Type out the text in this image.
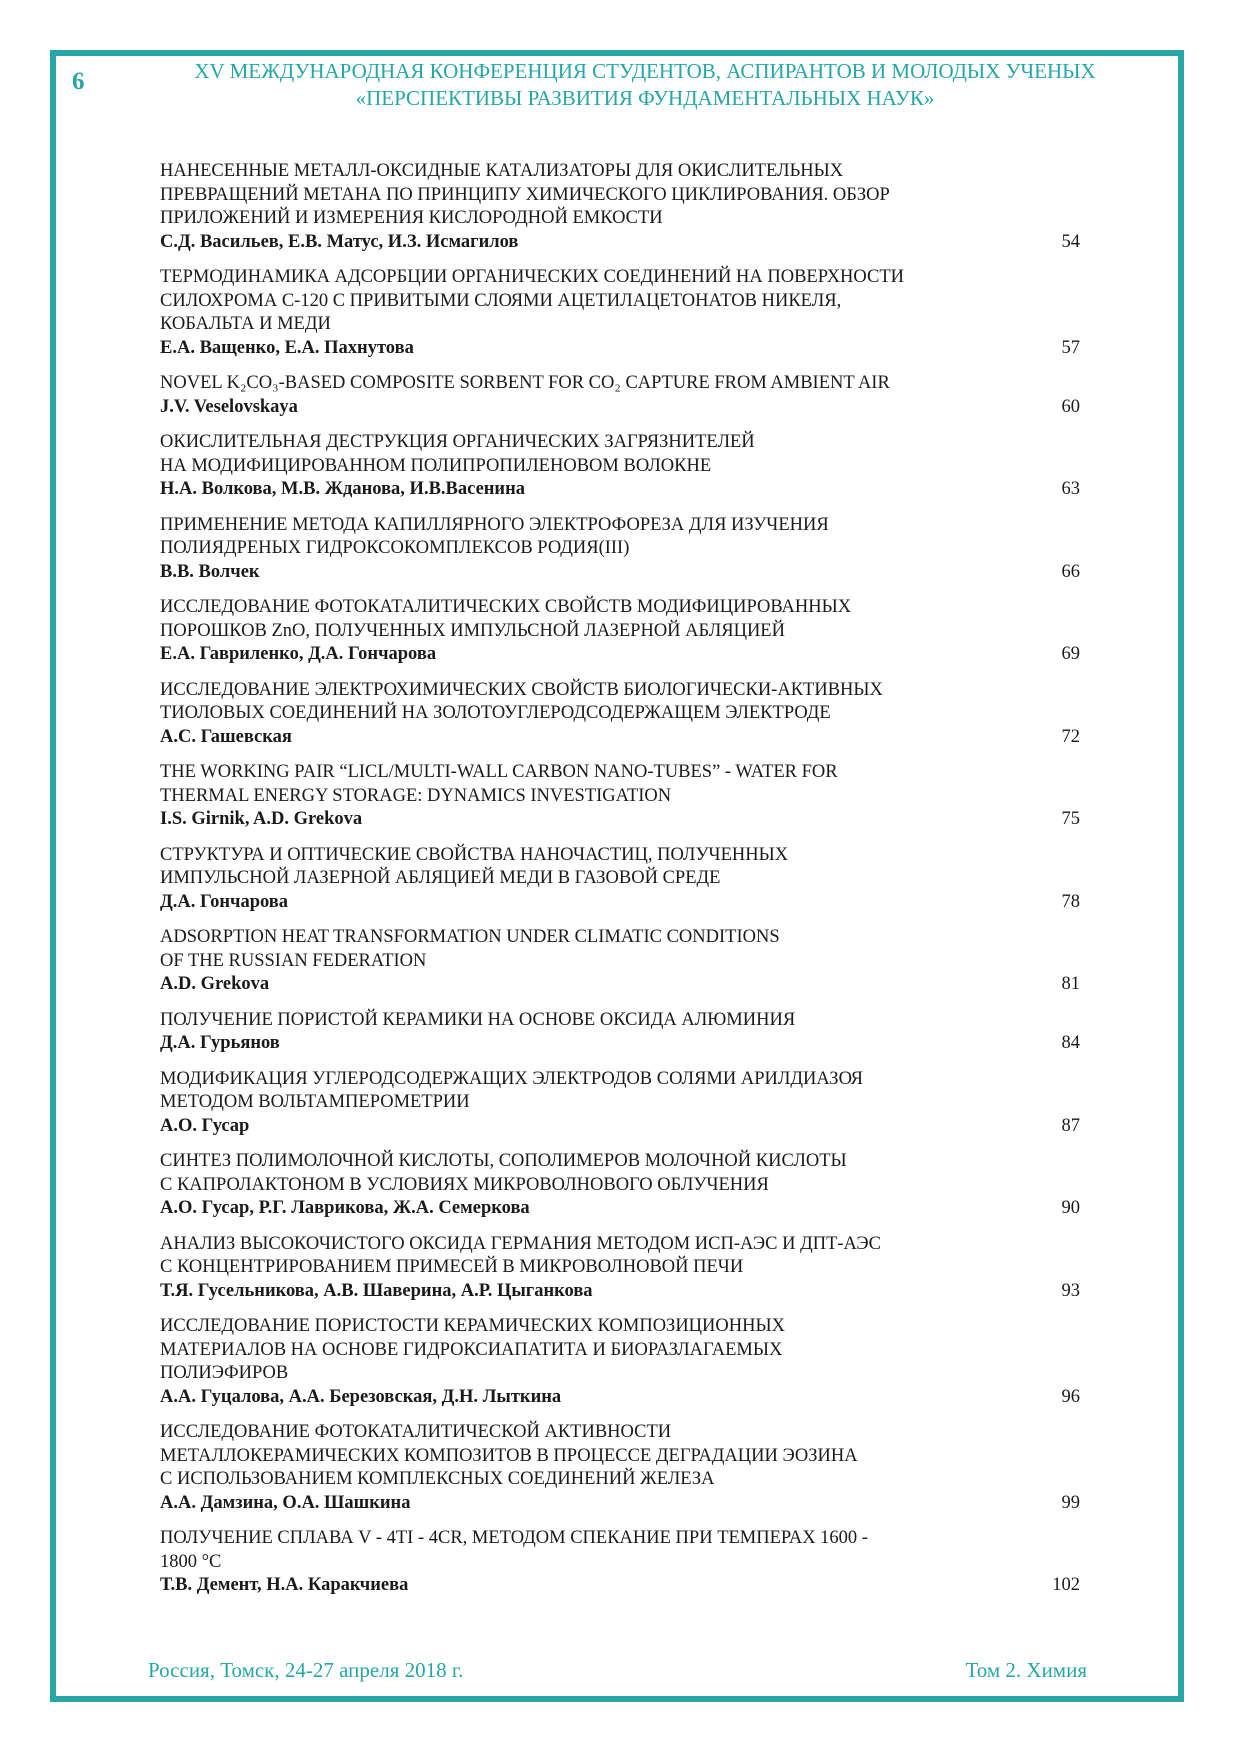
6	XV МЕЖДУНАРОДНАЯ КОНФЕРЕНЦИЯ СТУДЕНТОВ, АСПИРАНТОВ И МОЛОДЫХ УЧЕНЫХ
«ПЕРСПЕКТИВЫ РАЗВИТИЯ ФУНДАМЕНТАЛЬНЫХ НАУК»
НАНЕСЕННЫЕ МЕТАЛЛ-ОКСИДНЫЕ КАТАЛИЗАТОРЫ ДЛЯ ОКИСЛИТЕЛЬНЫХ
ПРЕВРАЩЕНИЙ МЕТАНА ПО ПРИНЦИПУ ХИМИЧЕСКОГО ЦИКЛИРОВАНИЯ. ОБЗОР
ПРИЛОЖЕНИЙ И ИЗМЕРЕНИЯ КИСЛОРОДНОЙ ЕМКОСТИ
С.Д. Васильев, Е.В. Матус, И.З. Исмагилов	54
ТЕРМОДИНАМИКА АДСОРБЦИИ ОРГАНИЧЕСКИХ СОЕДИНЕНИЙ НА ПОВЕРХНОСТИ
СИЛОХРОМА С-120 С ПРИВИТЫМИ СЛОЯМИ АЦЕТИЛАЦЕТОНАТОВ НИКЕЛЯ,
КОБАЛЬТА И МЕДИ
Е.А. Ващенко, Е.А. Пахнутова	57
NOVEL K₂CO₃-BASED COMPOSITE SORBENT FOR CO₂ CAPTURE FROM AMBIENT AIR
J.V. Veselovskaya	60
ОКИСЛИТЕЛЬНАЯ ДЕСТРУКЦИЯ ОРГАНИЧЕСКИХ ЗАГРЯЗНИТЕЛЕЙ
НА МОДИФИЦИРОВАННОМ ПОЛИПРОПИЛЕНОВОМ ВОЛОКНЕ
Н.А. Волкова, М.В. Жданова, И.В.Васенина	63
ПРИМЕНЕНИЕ МЕТОДА КАПИЛЛЯРНОГО ЭЛЕКТРОФОРЕЗА ДЛЯ ИЗУЧЕНИЯ
ПОЛИЯДРЕНЫХ ГИДРОКСОКОМПЛЕКСОВ РОДИЯ(III)
В.В. Волчек	66
ИССЛЕДОВАНИЕ ФОТОКАТАЛИТИЧЕСКИХ СВОЙСТВ МОДИФИЦИРОВАННЫХ
ПОРОШКОВ ZnO, ПОЛУЧЕННЫХ ИМПУЛЬСНОЙ ЛАЗЕРНОЙ АБЛЯЦИЕЙ
Е.А. Гавриленко, Д.А. Гончарова	69
ИССЛЕДОВАНИЕ ЭЛЕКТРОХИМИЧЕСКИХ СВОЙСТВ БИОЛОГИЧЕСКИ-АКТИВНЫХ
ТИОЛОВЫХ СОЕДИНЕНИЙ НА ЗОЛОТОУГЛЕРОДСОДЕРЖАЩЕМ ЭЛЕКТРОДЕ
А.С. Гашевская	72
THE WORKING PAIR “LICL/MULTI-WALL CARBON NANO-TUBES” - WATER FOR
THERMAL ENERGY STORAGE: DYNAMICS INVESTIGATION
I.S. Girnik, A.D. Grekova	75
СТРУКТУРА И ОПТИЧЕСКИЕ СВОЙСТВА НАНОЧАСТИЦ, ПОЛУЧЕННЫХ
ИМПУЛЬСНОЙ ЛАЗЕРНОЙ АБЛЯЦИЕЙ МЕДИ В ГАЗОВОЙ СРЕДЕ
Д.А. Гончарова	78
ADSORPTION HEAT TRANSFORMATION UNDER CLIMATIC CONDITIONS
OF THE RUSSIAN FEDERATION
A.D. Grekova	81
ПОЛУЧЕНИЕ ПОРИСТОЙ КЕРАМИКИ НА ОСНОВЕ ОКСИДА АЛЮМИНИЯ
Д.А. Гурьянов	84
МОДИФИКАЦИЯ УГЛЕРОДСОДЕРЖАЩИХ ЭЛЕКТРОДОВ СОЛЯМИ АРИЛДИАЗОЯ
МЕТОДОМ ВОЛЬТАМПЕРОМЕТРИИ
А.О. Гусар	87
СИНТЕЗ ПОЛИМОЛОЧНОЙ КИСЛОТЫ, СОПОЛИМЕРОВ МОЛОЧНОЙ КИСЛОТЫ
С КАПРОЛАКТОНОМ В УСЛОВИЯХ МИКРОВОЛНОВОГО ОБЛУЧЕНИЯ
А.О. Гусар, Р.Г. Лаврикова, Ж.А. Семеркова	90
АНАЛИЗ ВЫСОКОЧИСТОГО ОКСИДА ГЕРМАНИЯ МЕТОДОМ ИСП-АЭС И ДПТ-АЭС
С КОНЦЕНТРИРОВАНИЕМ ПРИМЕСЕЙ В МИКРОВОЛНОВОЙ ПЕЧИ
Т.Я. Гусельникова, А.В. Шаверина, А.Р. Цыганкова	93
ИССЛЕДОВАНИЕ ПОРИСТОСТИ КЕРАМИЧЕСКИХ КОМПОЗИЦИОННЫХ
МАТЕРИАЛОВ НА ОСНОВЕ ГИДРОКСИАПАТИТА И БИОРАЗЛАГАЕМЫХ
ПОЛИЭФИРОВ
А.А. Гуцалова, А.А. Березовская, Д.Н. Лыткина	96
ИССЛЕДОВАНИЕ ФОТОКАТАЛИТИЧЕСКОЙ АКТИВНОСТИ
МЕТАЛЛОКЕРАМИЧЕСКИХ КОМПОЗИТОВ В ПРОЦЕССЕ ДЕГРАДАЦИИ ЭОЗИНА
С ИСПОЛЬЗОВАНИЕМ КОМПЛЕКСНЫХ СОЕДИНЕНИЙ ЖЕЛЕЗА
А.А. Дамзина, О.А. Шашкина	99
ПОЛУЧЕНИЕ СПЛАВА V - 4TI - 4CR, МЕТОДОМ СПЕКАНИЕ ПРИ ТЕМПЕРАХ 1600 -
1800 °С
Т.В. Демент, Н.А. Каракчиева	102
Россия, Томск, 24-27 апреля 2018 г.	Том 2. Химия
